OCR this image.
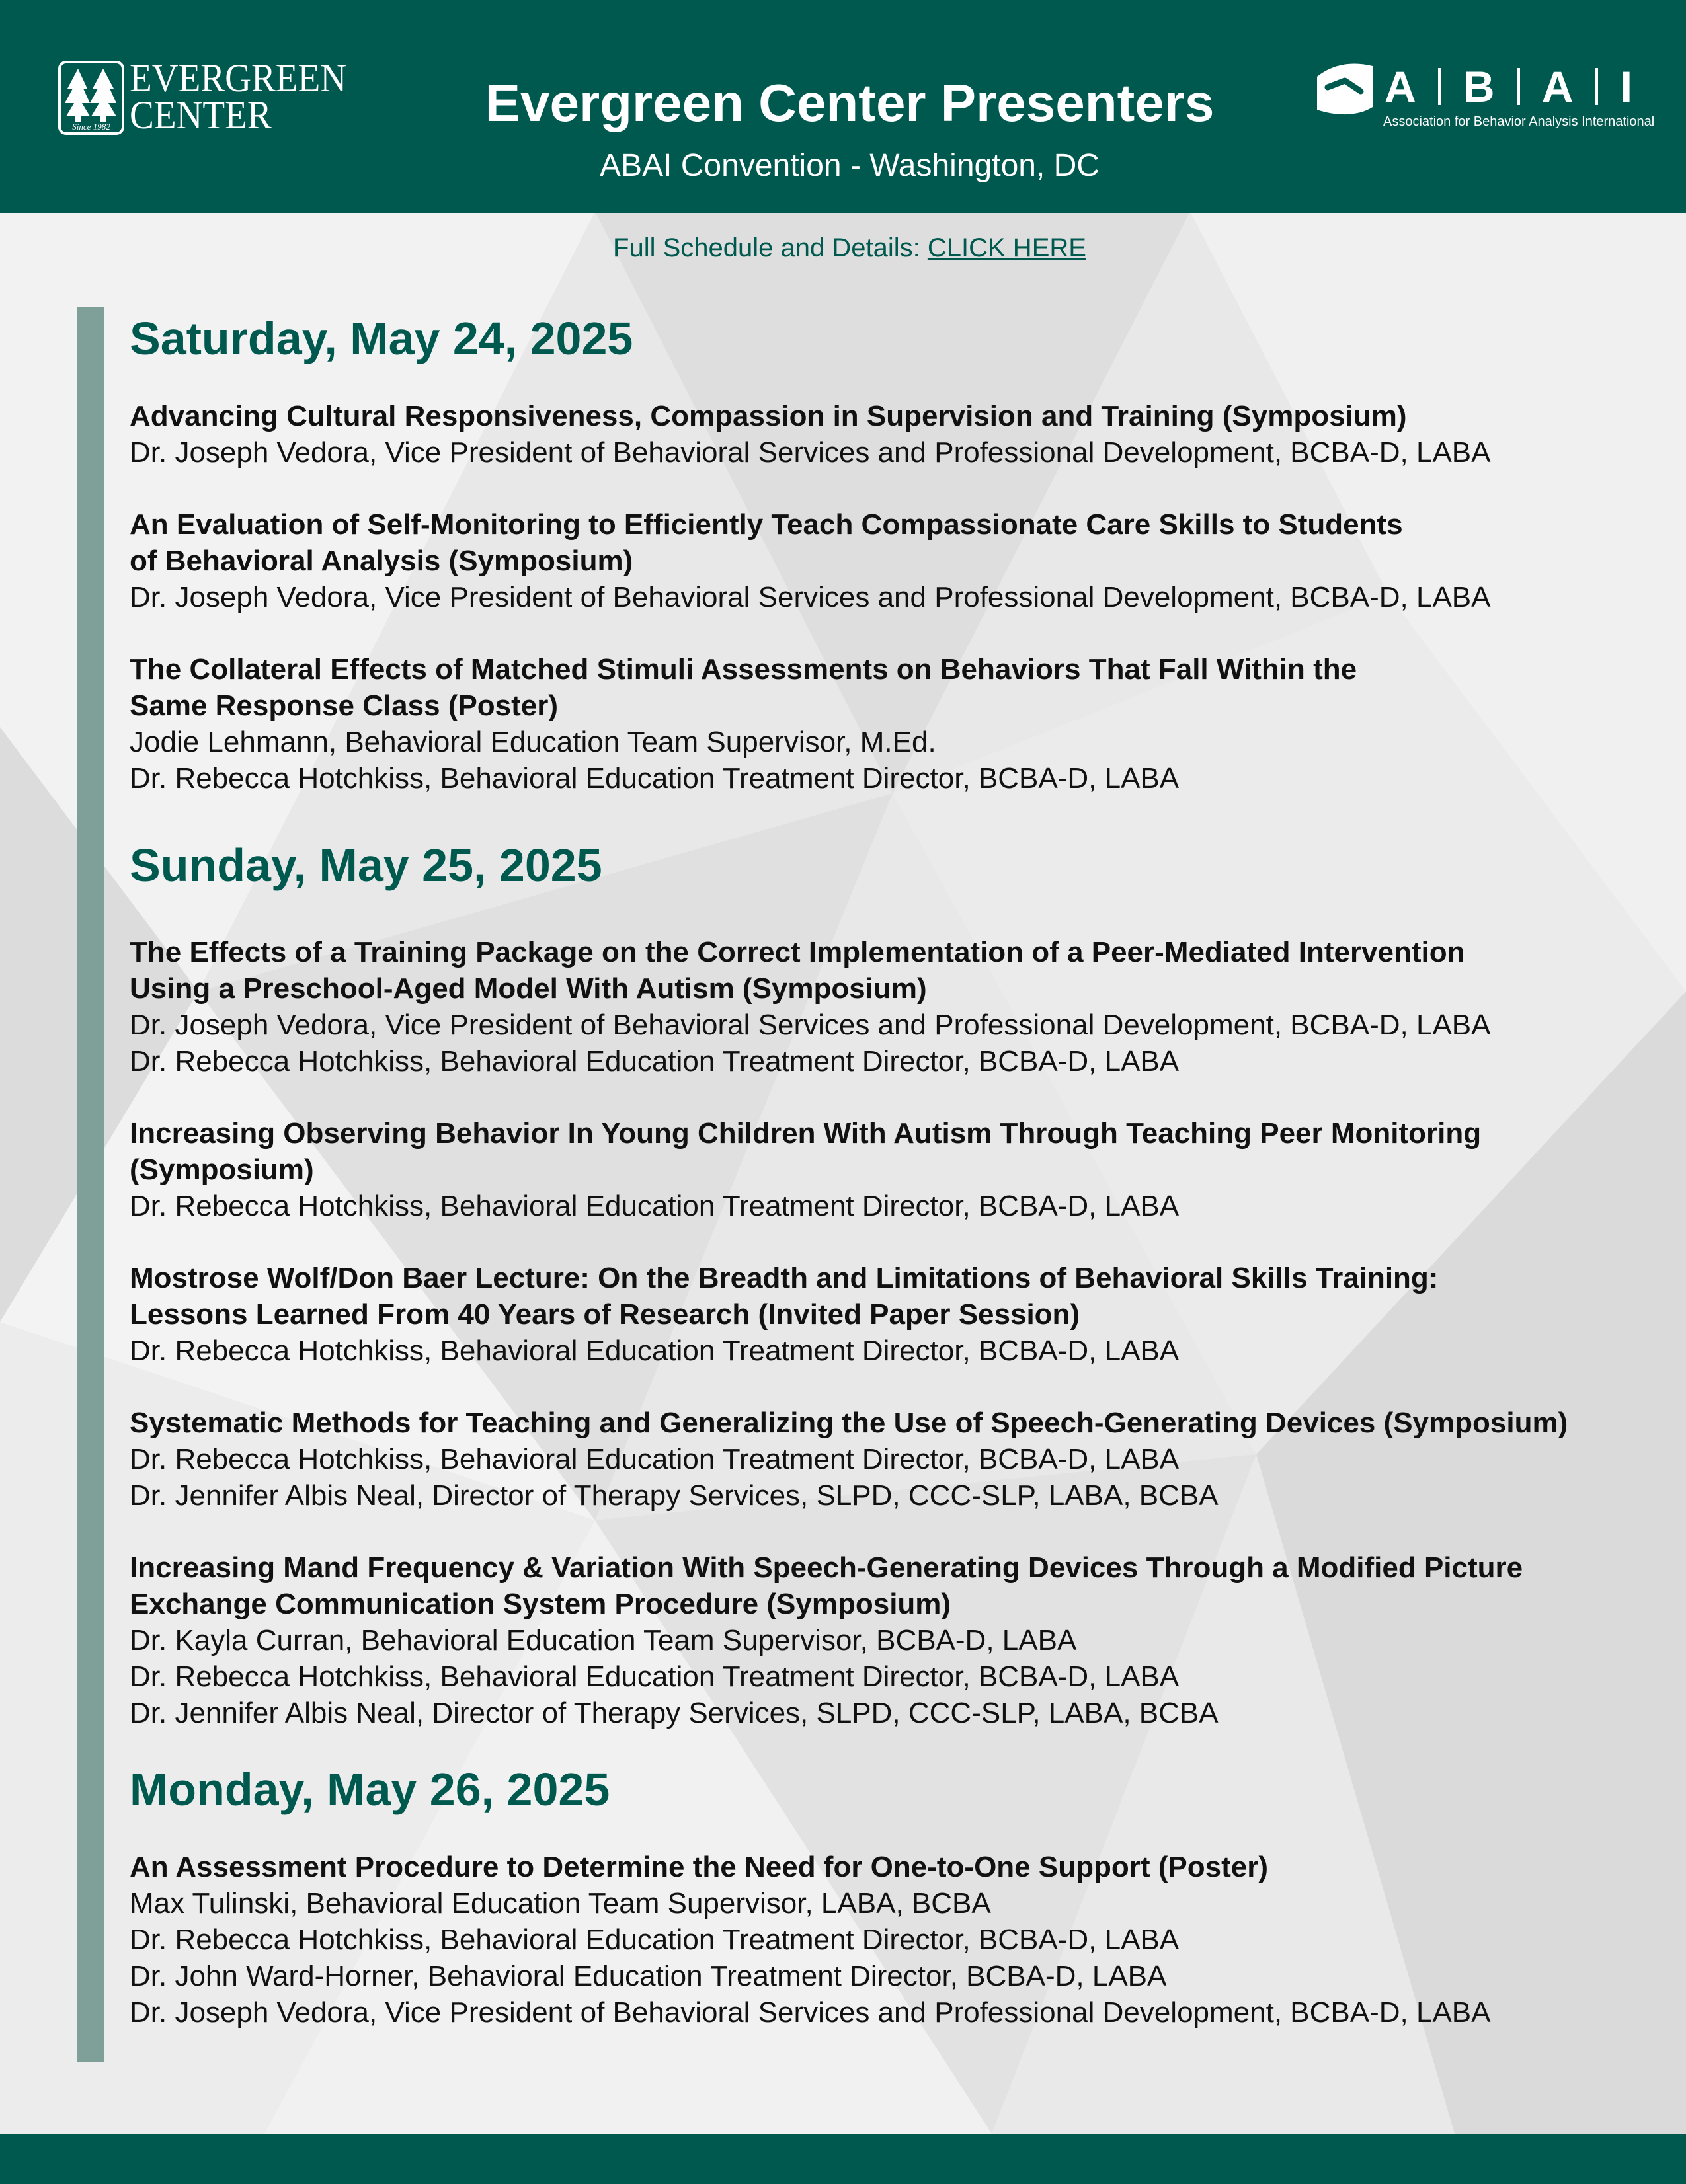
Since 1982
EVERGREEN
CENTER	Evergreen Center Presenters
ABAI Convention - Washington, DC
A B A I
Association for Behavior Analysis International
Full Schedule and Details: CLICK HERE
Saturday, May 24, 2025
Advancing Cultural Responsiveness, Compassion in Supervision and Training (Symposium)
Dr. Joseph Vedora, Vice President of Behavioral Services and Professional Development, BCBA-D, LABA
An Evaluation of Self-Monitoring to Efficiently Teach Compassionate Care Skills to Students
of Behavioral Analysis (Symposium)
Dr. Joseph Vedora, Vice President of Behavioral Services and Professional Development, BCBA-D, LABA
The Collateral Effects of Matched Stimuli Assessments on Behaviors That Fall Within the
Same Response Class (Poster)
Jodie Lehmann, Behavioral Education Team Supervisor, M.Ed.
Dr. Rebecca Hotchkiss, Behavioral Education Treatment Director, BCBA-D, LABA
Sunday, May 25, 2025
The Effects of a Training Package on the Correct Implementation of a Peer-Mediated Intervention
Using a Preschool-Aged Model With Autism (Symposium)
Dr. Joseph Vedora, Vice President of Behavioral Services and Professional Development, BCBA-D, LABA
Dr. Rebecca Hotchkiss, Behavioral Education Treatment Director, BCBA-D, LABA
Increasing Observing Behavior In Young Children With Autism Through Teaching Peer Monitoring
(Symposium)
Dr. Rebecca Hotchkiss, Behavioral Education Treatment Director, BCBA-D, LABA
Mostrose Wolf/Don Baer Lecture: On the Breadth and Limitations of Behavioral Skills Training:
Lessons Learned From 40 Years of Research (Invited Paper Session)
Dr. Rebecca Hotchkiss, Behavioral Education Treatment Director, BCBA-D, LABA
Systematic Methods for Teaching and Generalizing the Use of Speech-Generating Devices (Symposium)
Dr. Rebecca Hotchkiss, Behavioral Education Treatment Director, BCBA-D, LABA
Dr. Jennifer Albis Neal, Director of Therapy Services, SLPD, CCC-SLP, LABA, BCBA
Increasing Mand Frequency & Variation With Speech-Generating Devices Through a Modified Picture
Exchange Communication System Procedure (Symposium)
Dr. Kayla Curran, Behavioral Education Team Supervisor, BCBA-D, LABA
Dr. Rebecca Hotchkiss, Behavioral Education Treatment Director, BCBA-D, LABA
Dr. Jennifer Albis Neal, Director of Therapy Services, SLPD, CCC-SLP, LABA, BCBA
Monday, May 26, 2025
An Assessment Procedure to Determine the Need for One-to-One Support (Poster)
Max Tulinski, Behavioral Education Team Supervisor, LABA, BCBA
Dr. Rebecca Hotchkiss, Behavioral Education Treatment Director, BCBA-D, LABA
Dr. John Ward-Horner, Behavioral Education Treatment Director, BCBA-D, LABA
Dr. Joseph Vedora, Vice President of Behavioral Services and Professional Development, BCBA-D, LABA
